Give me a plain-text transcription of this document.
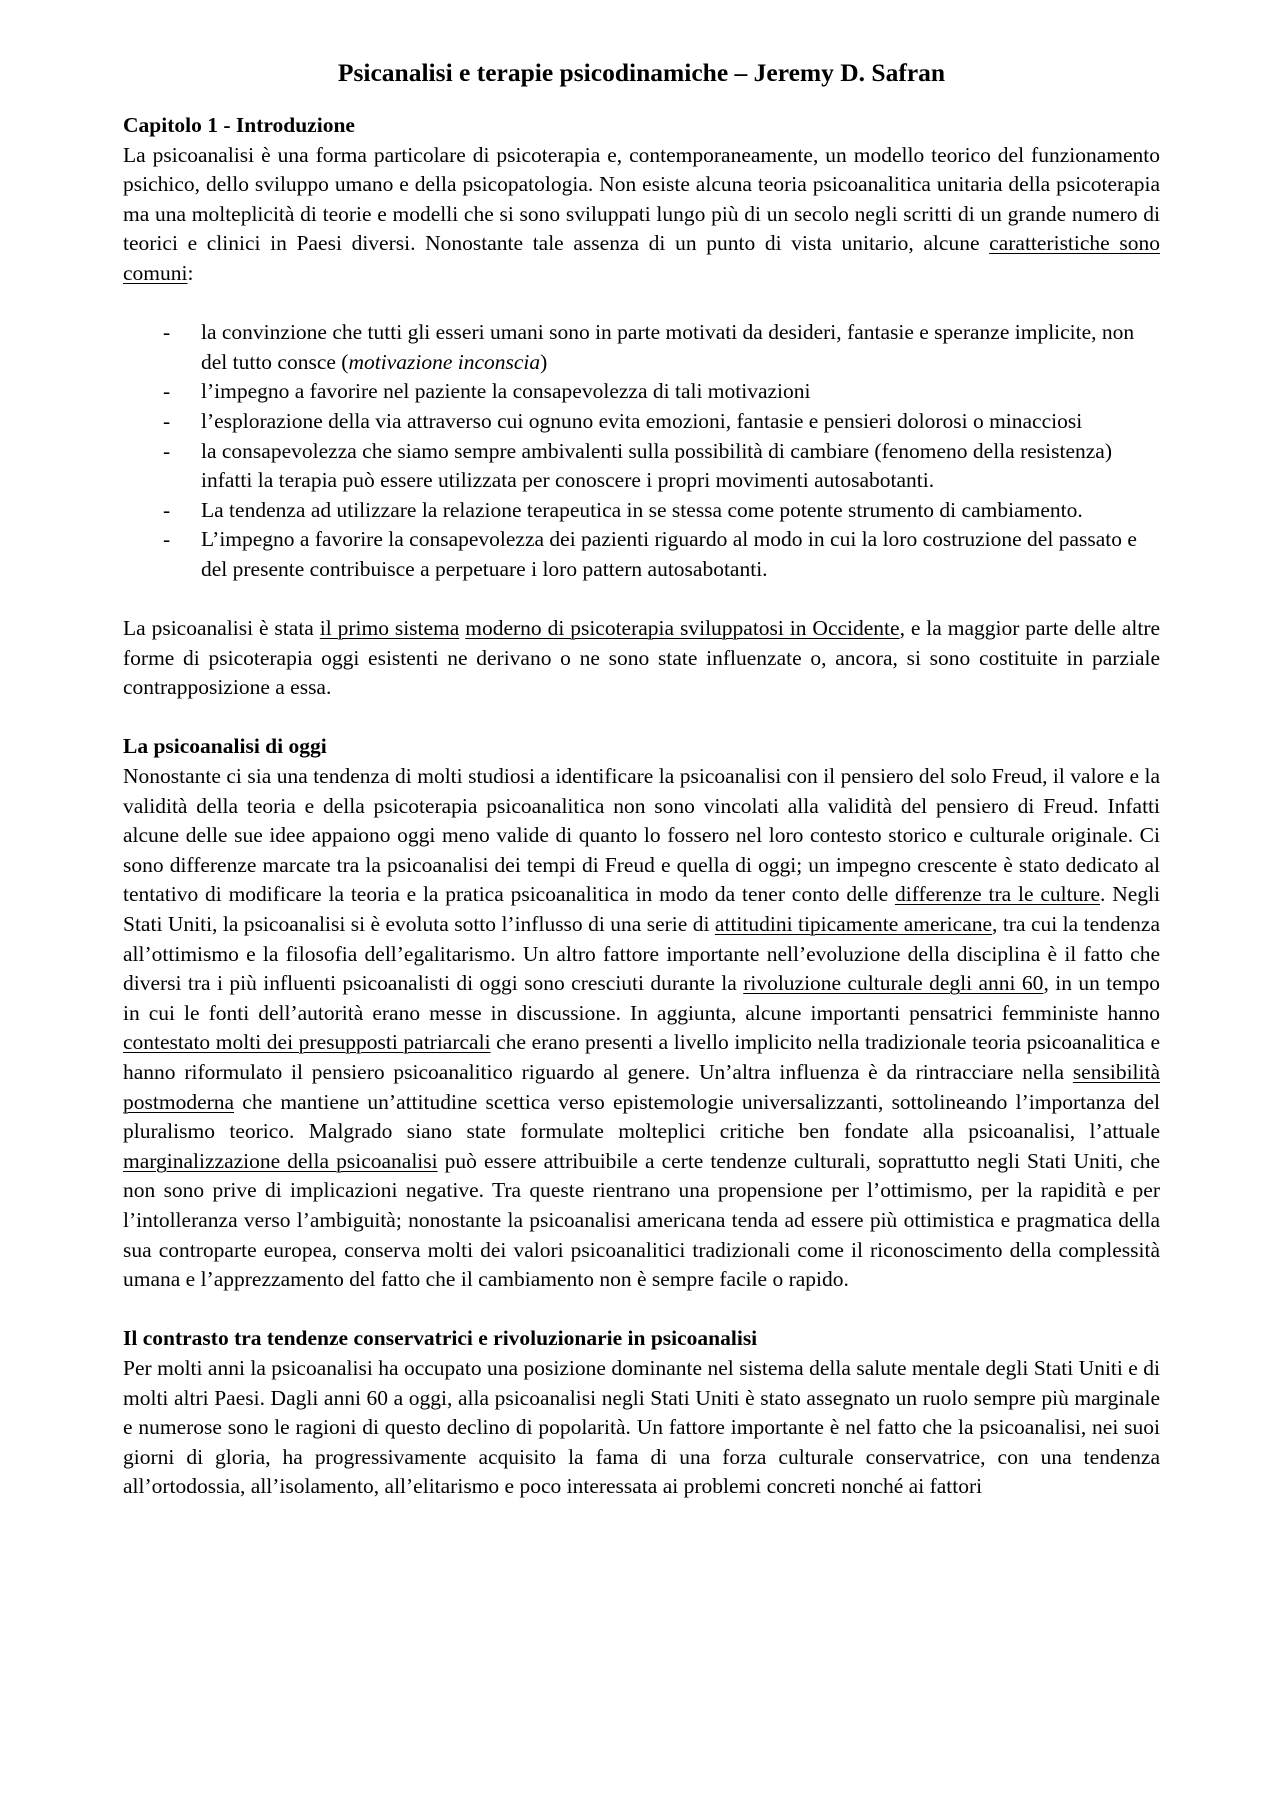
Psicanalisi e terapie psicodinamiche – Jeremy D. Safran
Capitolo 1 - Introduzione

La psicoanalisi è una forma particolare di psicoterapia e, contemporaneamente, un modello teorico del funzionamento psichico, dello sviluppo umano e della psicopatologia. Non esiste alcuna teoria psicoanalitica unitaria della psicoterapia ma una molteplicità di teorie e modelli che si sono sviluppati lungo più di un secolo negli scritti di un grande numero di teorici e clinici in Paesi diversi. Nonostante tale assenza di un punto di vista unitario, alcune caratteristiche sono comuni:

- la convinzione che tutti gli esseri umani sono in parte motivati da desideri, fantasie e speranze implicite, non del tutto consce (motivazione inconscia)
- l’impegno a favorire nel paziente la consapevolezza di tali motivazioni
- l’esplorazione della via attraverso cui ognuno evita emozioni, fantasie e pensieri dolorosi o minacciosi
- la consapevolezza che siamo sempre ambivalenti sulla possibilità di cambiare (fenomeno della resistenza) infatti la terapia può essere utilizzata per conoscere i propri movimenti autosabotanti.
- La tendenza ad utilizzare la relazione terapeutica in se stessa come potente strumento di cambiamento.
- L’impegno a favorire la consapevolezza dei pazienti riguardo al modo in cui la loro costruzione del passato e del presente contribuisce a perpetuare i loro pattern autosabotanti.

La psicoanalisi è stata il primo sistema moderno di psicoterapia sviluppatosi in Occidente, e la maggior parte delle altre forme di psicoterapia oggi esistenti ne derivano o ne sono state influenzate o, ancora, si sono costituite in parziale contrapposizione a essa.

La psicoanalisi di oggi

Nonostante ci sia una tendenza di molti studiosi a identificare la psicoanalisi con il pensiero del solo Freud, il valore e la validità della teoria e della psicoterapia psicoanalitica non sono vincolati alla validità del pensiero di Freud. Infatti alcune delle sue idee appaiono oggi meno valide di quanto lo fossero nel loro contesto storico e culturale originale. Ci sono differenze marcate tra la psicoanalisi dei tempi di Freud e quella di oggi; un impegno crescente è stato dedicato al tentativo di modificare la teoria e la pratica psicoanalitica in modo da tener conto delle differenze tra le culture. Negli Stati Uniti, la psicoanalisi si è evoluta sotto l’influsso di una serie di attitudini tipicamente americane, tra cui la tendenza all’ottimismo e la filosofia dell’egalitarismo. Un altro fattore importante nell’evoluzione della disciplina è il fatto che diversi tra i più influenti psicoanalisti di oggi sono cresciuti durante la rivoluzione culturale degli anni 60, in un tempo in cui le fonti dell’autorità erano messe in discussione. In aggiunta, alcune importanti pensatrici femministe hanno contestato molti dei presupposti patriarcali che erano presenti a livello implicito nella tradizionale teoria psicoanalitica e hanno riformulato il pensiero psicoanalitico riguardo al genere. Un’altra influenza è da rintracciare nella sensibilità postmoderna che mantiene un’attitudine scettica verso epistemologie universalizzanti, sottolineando l’importanza del pluralismo teorico. Malgrado siano state formulate molteplici critiche ben fondate alla psicoanalisi, l’attuale marginalizzazione della psicoanalisi può essere attribuibile a certe tendenze culturali, soprattutto negli Stati Uniti, che non sono prive di implicazioni negative. Tra queste rientrano una propensione per l’ottimismo, per la rapidità e per l’intolleranza verso l’ambiguità; nonostante la psicoanalisi americana tenda ad essere più ottimistica e pragmatica della sua controparte europea, conserva molti dei valori psicoanalitici tradizionali come il riconoscimento della complessità umana e l’apprezzamento del fatto che il cambiamento non è sempre facile o rapido.

Il contrasto tra tendenze conservatrici e rivoluzionarie in psicoanalisi

Per molti anni la psicoanalisi ha occupato una posizione dominante nel sistema della salute mentale degli Stati Uniti e di molti altri Paesi. Dagli anni 60 a oggi, alla psicoanalisi negli Stati Uniti è stato assegnato un ruolo sempre più marginale e numerose sono le ragioni di questo declino di popolarità. Un fattore importante è nel fatto che la psicoanalisi, nei suoi giorni di gloria, ha progressivamente acquisito la fama di una forza culturale conservatrice, con una tendenza all’ortodossia, all’isolamento, all’elitarismo e poco interessata ai problemi concreti nonché ai fattori
